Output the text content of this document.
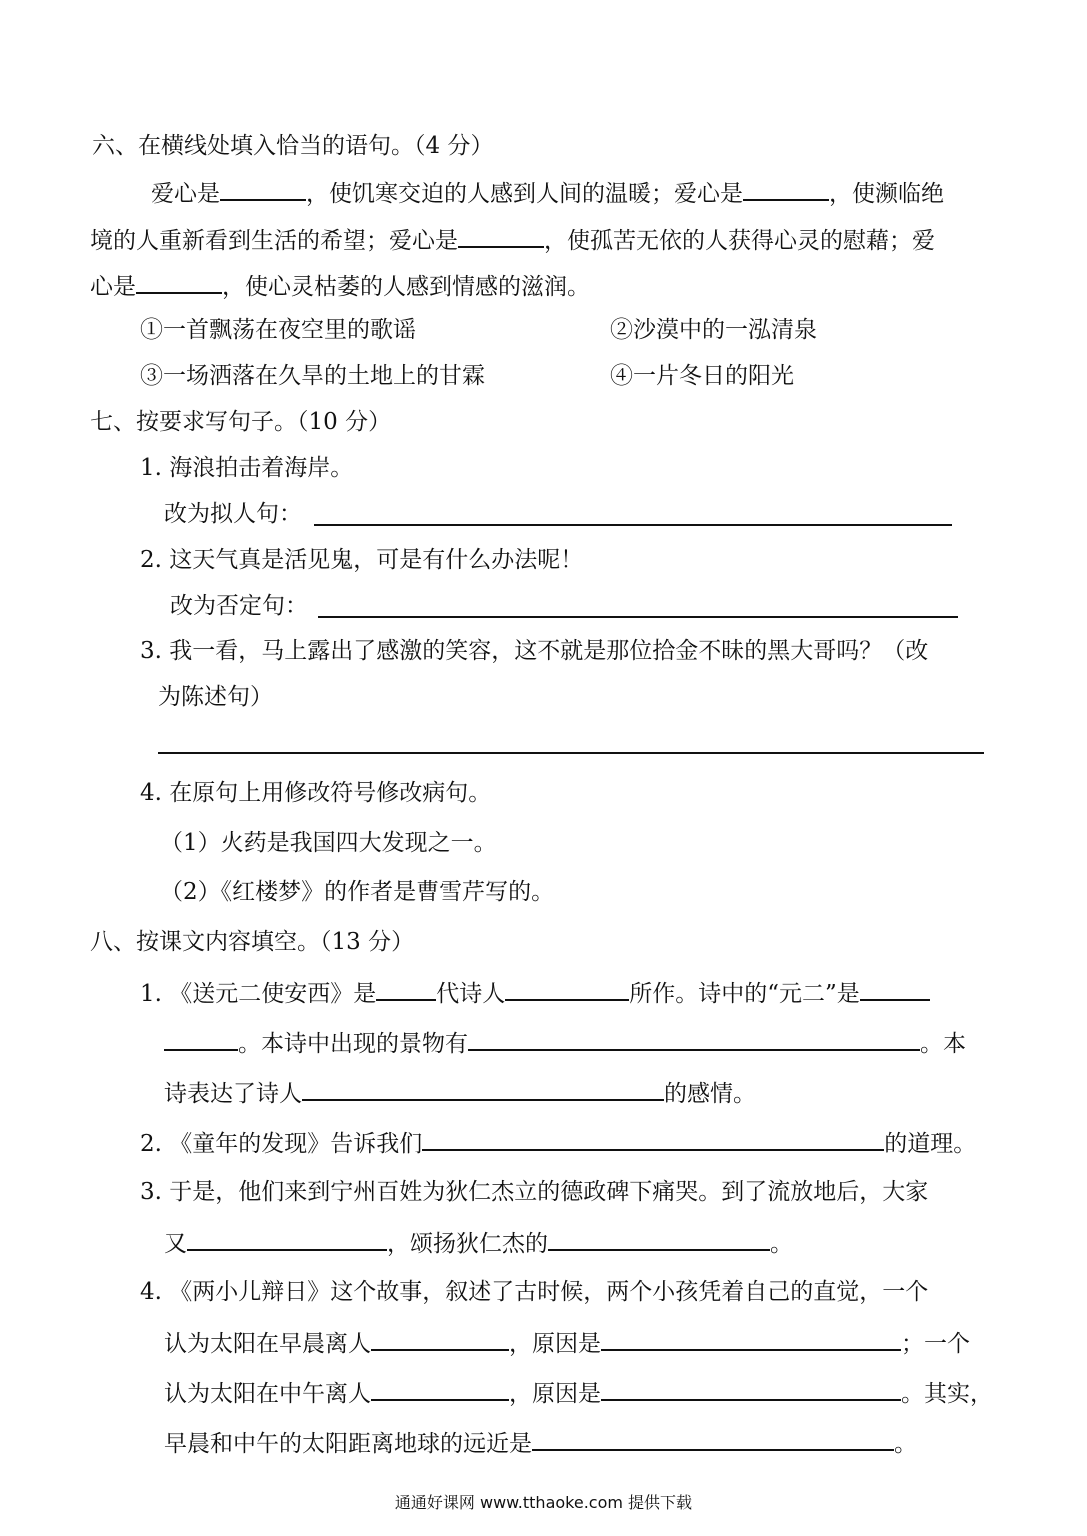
六、在横线处填入恰当的语句。（4 分）
爱心是	，使饥寒交迫的人感到人间的温暖；爱心是	，使濒临绝
境的人重新看到生活的希望；爱心是	，使孤苦无依的人获得心灵的慰藉；爱
心是	，使心灵枯萎的人感到情感的滋润。
①一首飘荡在夜空里的歌谣	②沙漠中的一泓清泉
③一场洒落在久旱的土地上的甘霖	④一片冬日的阳光
七、按要求写句子。（10 分）
1. 海浪拍击着海岸。
改为拟人句：
2. 这天气真是活见鬼，可是有什么办法呢！
改为否定句：
3. 我一看，马上露出了感激的笑容，这不就是那位拾金不昧的黑大哥吗？（改
为陈述句）
4. 在原句上用修改符号修改病句。
（1）火药是我国四大发现之一。
（2）《红楼梦》的作者是曹雪芹写的。
八、按课文内容填空。（13 分）
1. 《送元二使安西》是	代诗人	所作。诗中的“元二”是
。本诗中出现的景物有	。本
诗表达了诗人	的感情。
2. 《童年的发现》告诉我们	的道理。
3. 于是，他们来到宁州百姓为狄仁杰立的德政碑下痛哭。到了流放地后，大家
又	，颂扬狄仁杰的	。
4. 《两小儿辩日》这个故事，叙述了古时候，两个小孩凭着自己的直觉，一个
认为太阳在早晨离人	，原因是	；一个
认为太阳在中午离人	，原因是	。其实，
早晨和中午的太阳距离地球的远近是	。
通通好课网 www.tthaoke.com 提供下载
